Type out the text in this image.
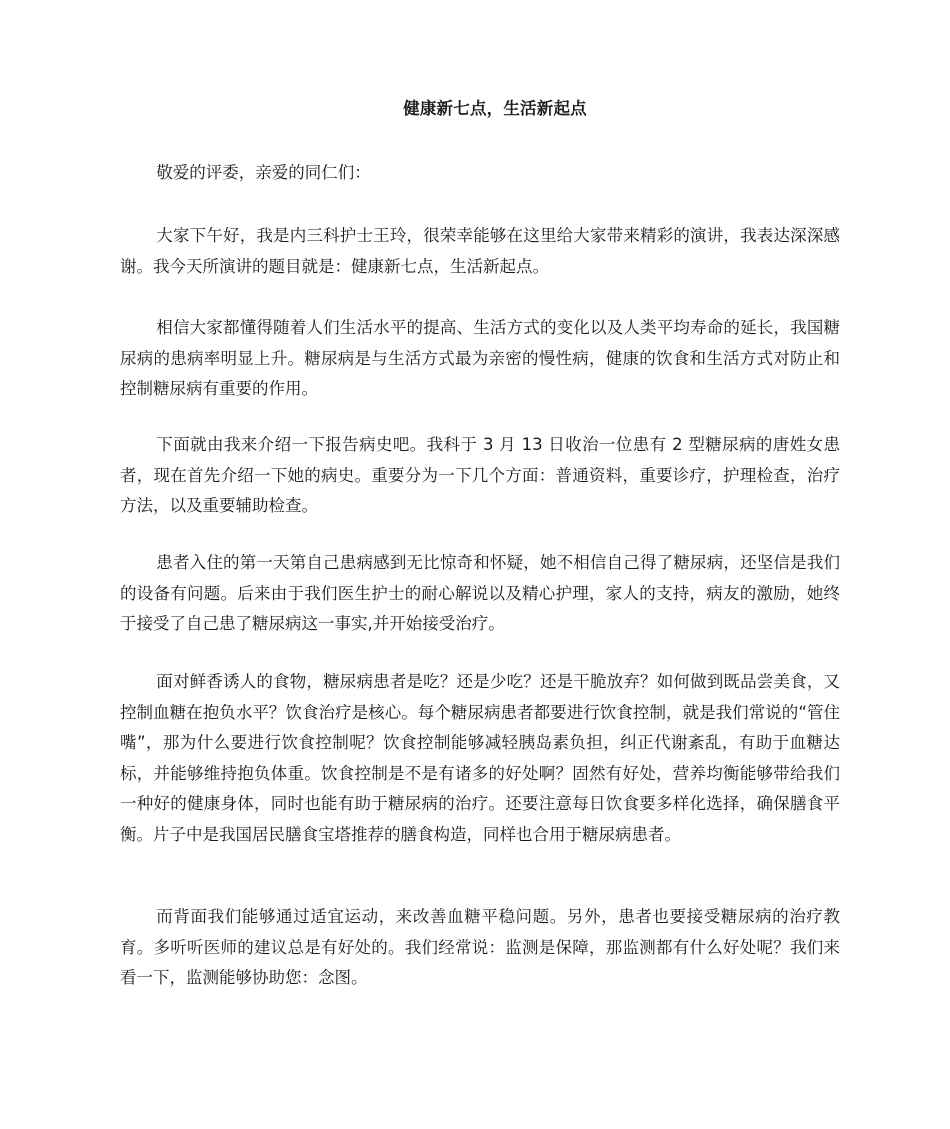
健康新七点，生活新起点

敬爱的评委，亲爱的同仁们：

大家下午好，我是内三科护士王玲，很荣幸能够在这里给大家带来精彩的演讲，我表达深深感谢。我今天所演讲的题目就是：健康新七点，生活新起点。

相信大家都懂得随着人们生活水平的提高、生活方式的变化以及人类平均寿命的延长，我国糖尿病的患病率明显上升。糖尿病是与生活方式最为亲密的慢性病，健康的饮食和生活方式对防止和控制糖尿病有重要的作用。

下面就由我来介绍一下报告病史吧。我科于 3 月 13 日收治一位患有 2 型糖尿病的唐姓女患者，现在首先介绍一下她的病史。重要分为一下几个方面：普通资料，重要诊疗，护理检查，治疗方法，以及重要辅助检查。

患者入住的第一天第自己患病感到无比惊奇和怀疑，她不相信自己得了糖尿病，还坚信是我们的设备有问题。后来由于我们医生护士的耐心解说以及精心护理，家人的支持，病友的激励，她终于接受了自己患了糖尿病这一事实,并开始接受治疗。

面对鲜香诱人的食物，糖尿病患者是吃？还是少吃？还是干脆放弃？如何做到既品尝美食，又控制血糖在抱负水平？饮食治疗是核心。每个糖尿病患者都要进行饮食控制，就是我们常说的“管住嘴”，那为什么要进行饮食控制呢？饮食控制能够减轻胰岛素负担，纠正代谢紊乱，有助于血糖达标，并能够维持抱负体重。饮食控制是不是有诸多的好处啊？固然有好处，营养均衡能够带给我们一种好的健康身体，同时也能有助于糖尿病的治疗。还要注意每日饮食要多样化选择，确保膳食平衡。片子中是我国居民膳食宝塔推荐的膳食构造，同样也合用于糖尿病患者。

而背面我们能够通过适宜运动，来改善血糖平稳问题。另外，患者也要接受糖尿病的治疗教育。多听听医师的建议总是有好处的。我们经常说：监测是保障，那监测都有什么好处呢？我们来看一下，监测能够协助您：念图。
